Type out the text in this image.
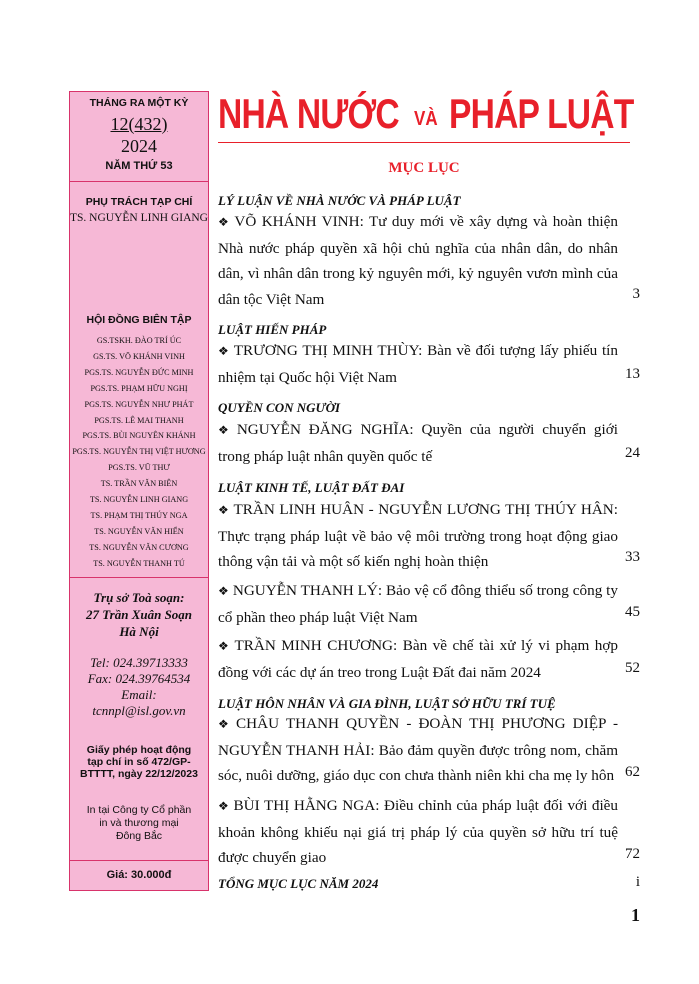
THÁNG RA MỘT KỲ
12(432)
2024
NĂM THỨ 53
PHỤ TRÁCH TẠP CHÍ
TS. NGUYỄN LINH GIANG
HỘI ĐỒNG BIÊN TẬP
GS.TSKH. ĐÀO TRÍ ÚC
GS.TS. VÕ KHÁNH VINH
PGS.TS. NGUYỄN ĐỨC MINH
PGS.TS. PHẠM HỮU NGHỊ
PGS.TS. NGUYỄN NHƯ PHÁT
PGS.TS. LÊ MAI THANH
PGS.TS. BÙI NGUYÊN KHÁNH
PGS.TS. NGUYỄN THỊ VIỆT HƯƠNG
PGS.TS. VŨ THƯ
TS. TRẦN VĂN BIÊN
TS. NGUYỄN LINH GIANG
TS. PHẠM THỊ THÚY NGA
TS. NGUYỄN VĂN HIỂN
TS. NGUYỄN VĂN CƯƠNG
TS. NGUYỄN THANH TÚ
Trụ sở Toà soạn:
27 Trần Xuân Soạn
Hà Nội
Tel: 024.39713333
Fax: 024.39764534
Email:
tcnnpl@isl.gov.vn
Giấy phép hoạt động
tạp chí in số 472/GP-
BTTTT, ngày 22/12/2023
In tại Công ty Cổ phần
in và thương mại
Đông Bắc
Giá: 30.000đ
NHÀ NƯỚC VÀ PHÁP LUẬT
MỤC LỤC
LÝ LUẬN VỀ NHÀ NƯỚC VÀ PHÁP LUẬT
❖ VÕ KHÁNH VINH: Tư duy mới về xây dựng và hoàn thiện Nhà nước pháp quyền xã hội chủ nghĩa của nhân dân, do nhân dân, vì nhân dân trong kỷ nguyên mới, kỷ nguyên vươn mình của dân tộc Việt Nam	3
LUẬT HIẾN PHÁP
❖ TRƯƠNG THỊ MINH THÙY: Bàn về đối tượng lấy phiếu tín nhiệm tại Quốc hội Việt Nam	13
QUYỀN CON NGƯỜI
❖ NGUYỄN ĐĂNG NGHĨA: Quyền của người chuyển giới trong pháp luật nhân quyền quốc tế	24
LUẬT KINH TẾ, LUẬT ĐẤT ĐAI
❖ TRẦN LINH HUÂN - NGUYỄN LƯƠNG THỊ THÚY HÂN: Thực trạng pháp luật về bảo vệ môi trường trong hoạt động giao thông vận tải và một số kiến nghị hoàn thiện	33
❖ NGUYỄN THANH LÝ: Bảo vệ cổ đông thiểu số trong công ty cổ phần theo pháp luật Việt Nam	45
❖ TRẦN MINH CHƯƠNG: Bàn về chế tài xử lý vi phạm hợp đồng với các dự án treo trong Luật Đất đai năm 2024	52
LUẬT HÔN NHÂN VÀ GIA ĐÌNH, LUẬT SỞ HỮU TRÍ TUỆ
❖ CHÂU THANH QUYỀN - ĐOÀN THỊ PHƯƠNG DIỆP - NGUYỄN THANH HẢI: Bảo đảm quyền được trông nom, chăm sóc, nuôi dưỡng, giáo dục con chưa thành niên khi cha mẹ ly hôn 62
❖ BÙI THỊ HẰNG NGA: Điều chỉnh của pháp luật đối với điều khoản không khiếu nại giá trị pháp lý của quyền sở hữu trí tuệ được chuyển giao	72
TỔNG MỤC LỤC NĂM 2024	i
1
